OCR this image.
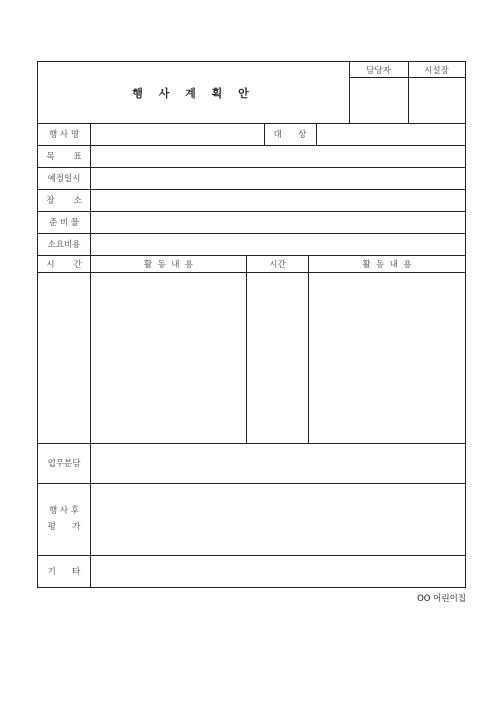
행 사 계 획 안
담당자	시설장
행 사 명	대      상
목       표
예정일시
장       소
준 비 물
소요비용
시       간	활  동  내  용	시간	활  동  내  용
업무분담
행 사 후
평      가
기      타
OO 어린이집
